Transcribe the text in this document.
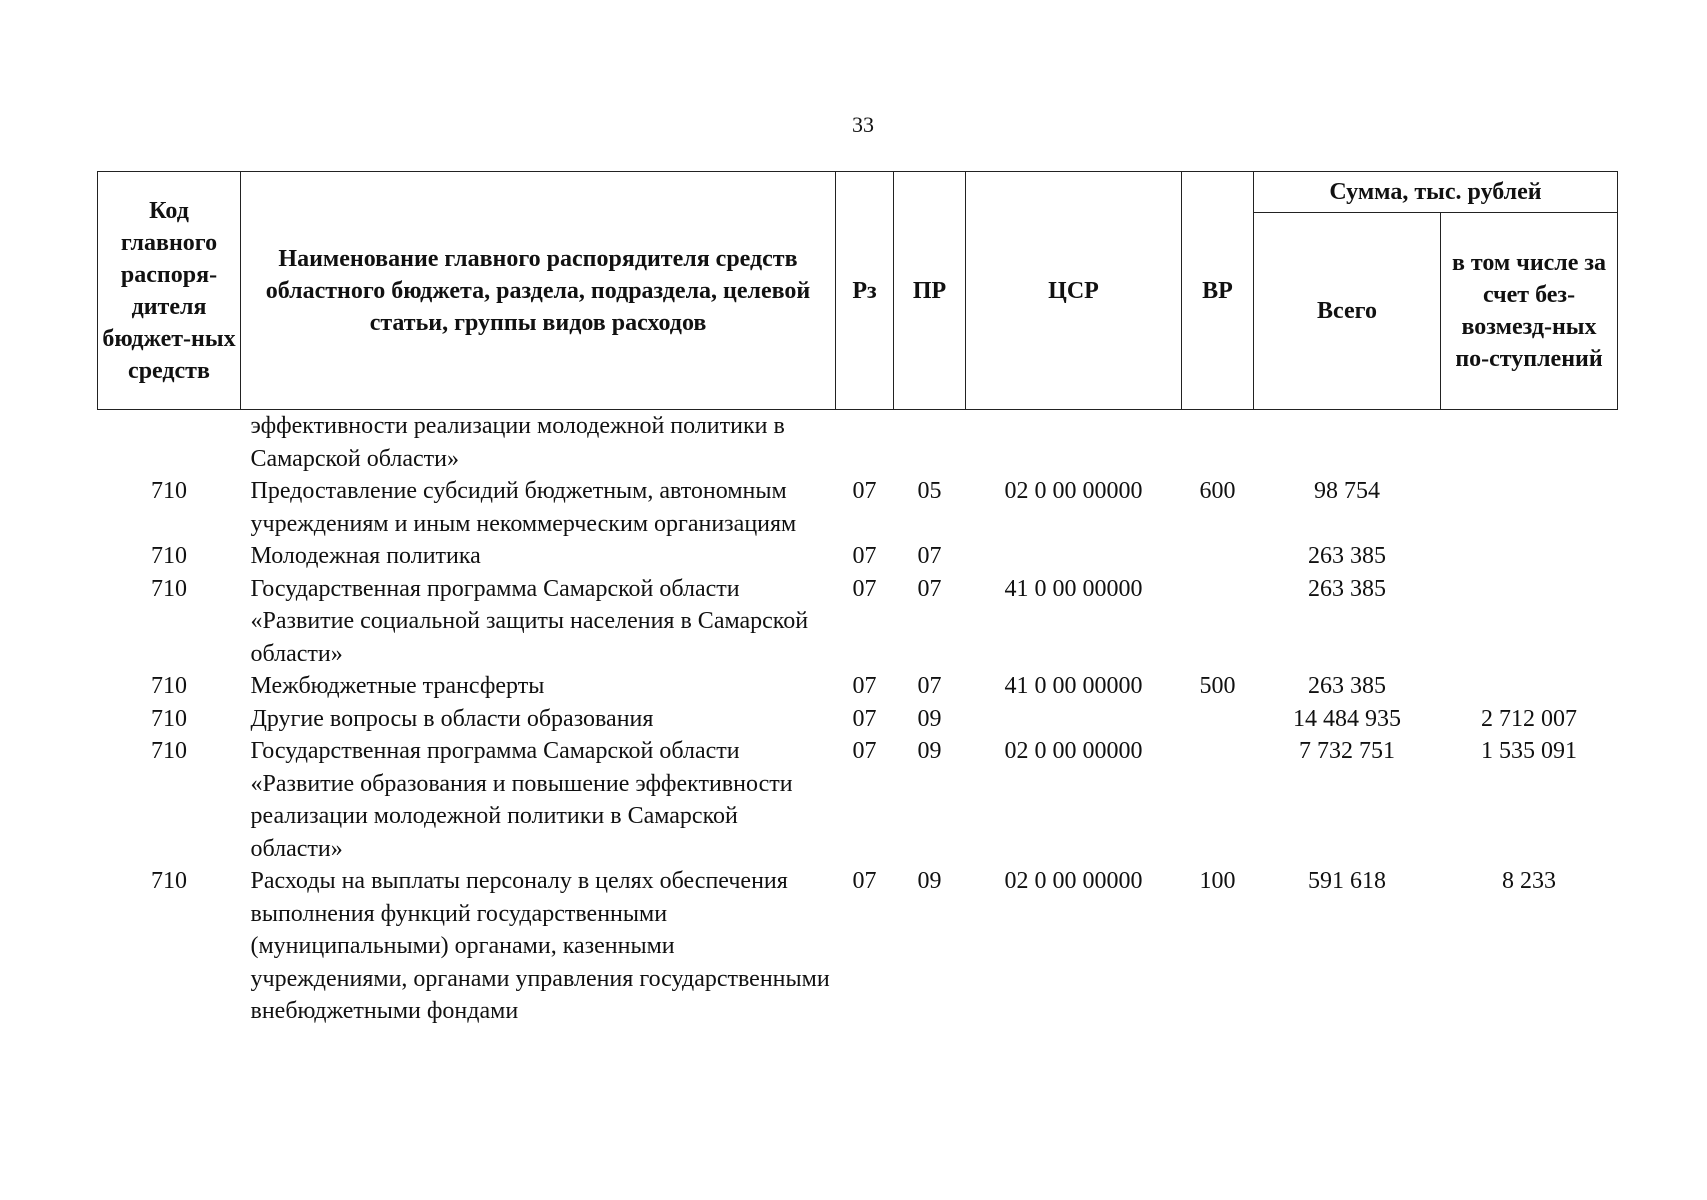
33
Код главного распоря-дителя бюджет-ных средств	Наименование главного распорядителя средств областного бюджета, раздела, подраздела, целевой статьи, группы видов расходов	Рз	ПР	ЦСР	ВР	Сумма, тыс. рублей	
						Всего	в том числе за счет без-возмезд-ных по-ступлений
	эффективности реализации молодежной политики в Самарской области»						
710	Предоставление субсидий бюджетным, автономным учреждениям и иным некоммерческим организациям	07	05	02 0 00 00000	600	98 754	
710	Молодежная политика	07	07			263 385	
710	Государственная программа Самарской области «Развитие социальной защиты населения в Самарской области»	07	07	41 0 00 00000		263 385	
710	Межбюджетные трансферты	07	07	41 0 00 00000	500	263 385	
710	Другие вопросы в области образования	07	09			14 484 935	2 712 007
710	Государственная программа Самарской области «Развитие образования и повышение эффективности реализации молодежной политики в Самарской области»	07	09	02 0 00 00000		7 732 751	1 535 091
710	Расходы на выплаты персоналу в целях обеспечения выполнения функций государственными (муниципальными) органами, казенными учреждениями, органами управления государственными внебюджетными фондами	07	09	02 0 00 00000	100	591 618	8 233
